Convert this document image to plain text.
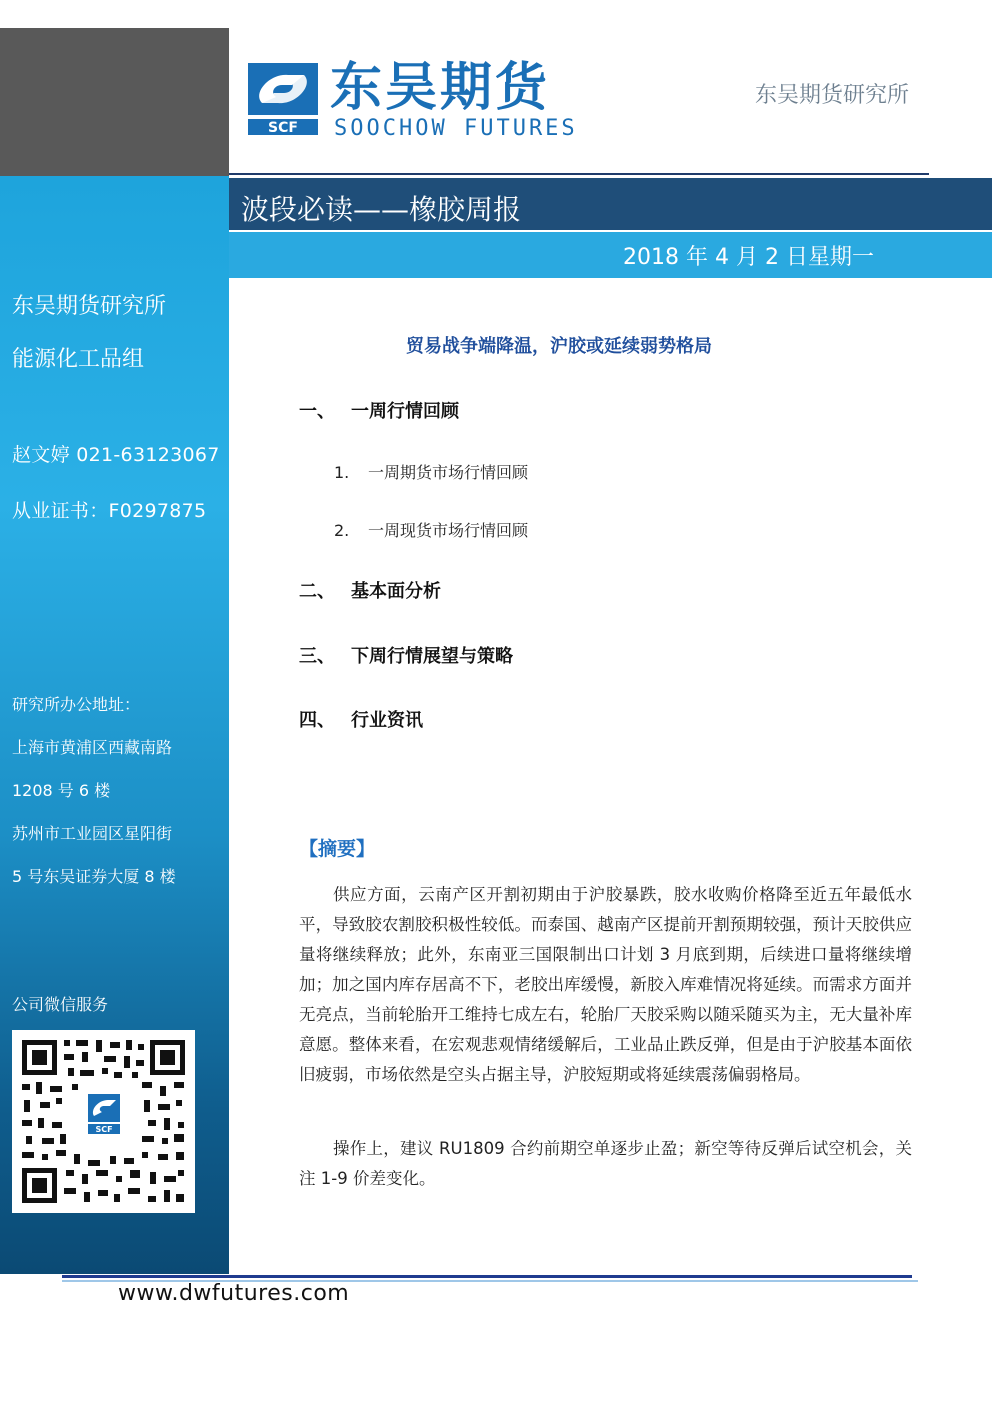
SCF
东吴期货
SOOCHOW FUTURES
东吴期货研究所
波段必读——橡胶周报
2018 年 4 月 2 日星期一
东吴期货研究所
能源化工品组
赵文婷 021-63123067
从业证书：F0297875
研究所办公地址：
上海市黄浦区西藏南路
1208 号 6 楼
苏州市工业园区星阳街
5 号东吴证券大厦 8 楼
公司微信服务
SCF
贸易战争端降温，沪胶或延续弱势格局
一、 一周行情回顾
1. 一周期货市场行情回顾
2. 一周现货市场行情回顾
二、 基本面分析
三、 下周行情展望与策略
四、 行业资讯
【摘要】

供应方面，云南产区开割初期由于沪胶暴跌，胶水收购价格降至近五年最低水平，导致胶农割胶积极性较低。而泰国、越南产区提前开割预期较强，预计天胶供应量将继续释放；此外，东南亚三国限制出口计划 3 月底到期，后续进口量将继续增加；加之国内库存居高不下，老胶出库缓慢，新胶入库难情况将延续。而需求方面并无亮点，当前轮胎开工维持七成左右，轮胎厂天胶采购以随采随买为主，无大量补库意愿。整体来看，在宏观悲观情绪缓解后，工业品止跌反弹，但是由于沪胶基本面依旧疲弱，市场依然是空头占据主导，沪胶短期或将延续震荡偏弱格局。

操作上，建议 RU1809 合约前期空单逐步止盈；新空等待反弹后试空机会，关注 1-9 价差变化。

www.dwfutures.com
